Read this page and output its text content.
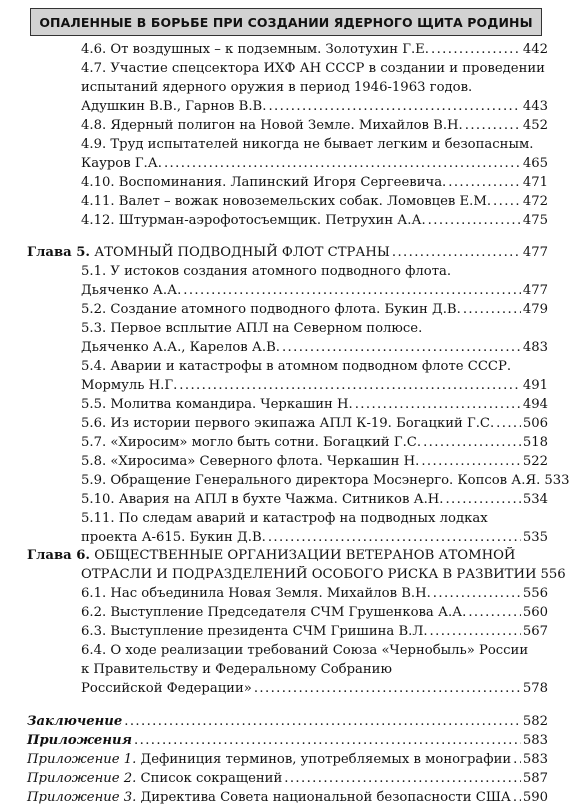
ОПАЛЕННЫЕ В БОРЬБЕ ПРИ СОЗДАНИИ ЯДЕРНОГО ЩИТА РОДИНЫ
4.6. От воздушных – к подземным. Золотухин Г.Е. . . .	442
4.7. Участие спецсектора ИХФ АН СССР в создании и проведении
испытаний ядерного оружия в период 1946-1963 годов.
Адушкин В.В., Гарнов В.В. . . .	443
4.8. Ядерный полигон на Новой Земле. Михайлов В.Н. . . .	452
4.9. Труд испытателей никогда не бывает легким и безопасным.
Кауров Г.А. . . .	465
4.10. Воспоминания. Лапинский Игоря Сергеевича. . . .	471
4.11. Валет – вожак новоземельских собак. Ломовцев Е.М. . . . 472
4.12. Штурман-аэрофотосъемщик. Петрухин А.А. . . .	475
Глава 5. АТОМНЫЙ ПОДВОДНЫЙ ФЛОТ СТРАНЫ . . .	477
5.1. У истоков создания атомного подводного флота.
Дьяченко А.А. . . .	477
5.2. Создание атомного подводного флота. Букин Д.В. . . .	479
5.3. Первое всплытие АПЛ на Северном полюсе.
Дьяченко А.А., Карелов А.В. . . .	483
5.4. Аварии и катастрофы в атомном подводном флоте СССР.
Мормуль Н.Г. . . .	491
5.5. Молитва командира. Черкашин Н. . . .	494
5.6. Из истории первого экипажа АПЛ К-19. Богацкий Г.С. . . . 506
5.7. «Хиросим» могло быть сотни. Богацкий Г.С. . . .	518
5.8. «Хиросима» Северного флота. Черкашин Н. . . .	522
5.9. Обращение Генерального директора Мосэнерго. Копсов А.Я. 533
5.10. Авария на АПЛ в бухте Чажма. Ситников А.Н. . . .	534
5.11. По следам аварий и катастроф на подводных лодках
проекта А-615. Букин Д.В. . . .	535
Глава 6. ОБЩЕСТВЕННЫЕ ОРГАНИЗАЦИИ ВЕТЕРАНОВ АТОМНОЙ
ОТРАСЛИ И ПОДРАЗДЕЛЕНИЙ ОСОБОГО РИСКА В РАЗВИТИИ 556
6.1. Нас объединила Новая Земля. Михайлов В.Н. . . .	556
6.2. Выступление Председателя СЧМ Грушенкова А.А. . . .	560
6.3. Выступление президента СЧМ Гришина В.Л. . . .	567
6.4. О ходе реализации требований Союза «Чернобыль» России
к Правительству и Федеральному Собранию
Российской Федерации» . . .	578
Заключение . . .	582
Приложения . . .	583
Приложение 1. Дефиниция терминов, употребляемых в монографии . . . 583
Приложение 2. Список сокращений . . .	587
Приложение 3. Директива Совета национальной безопасности США . . . 590
